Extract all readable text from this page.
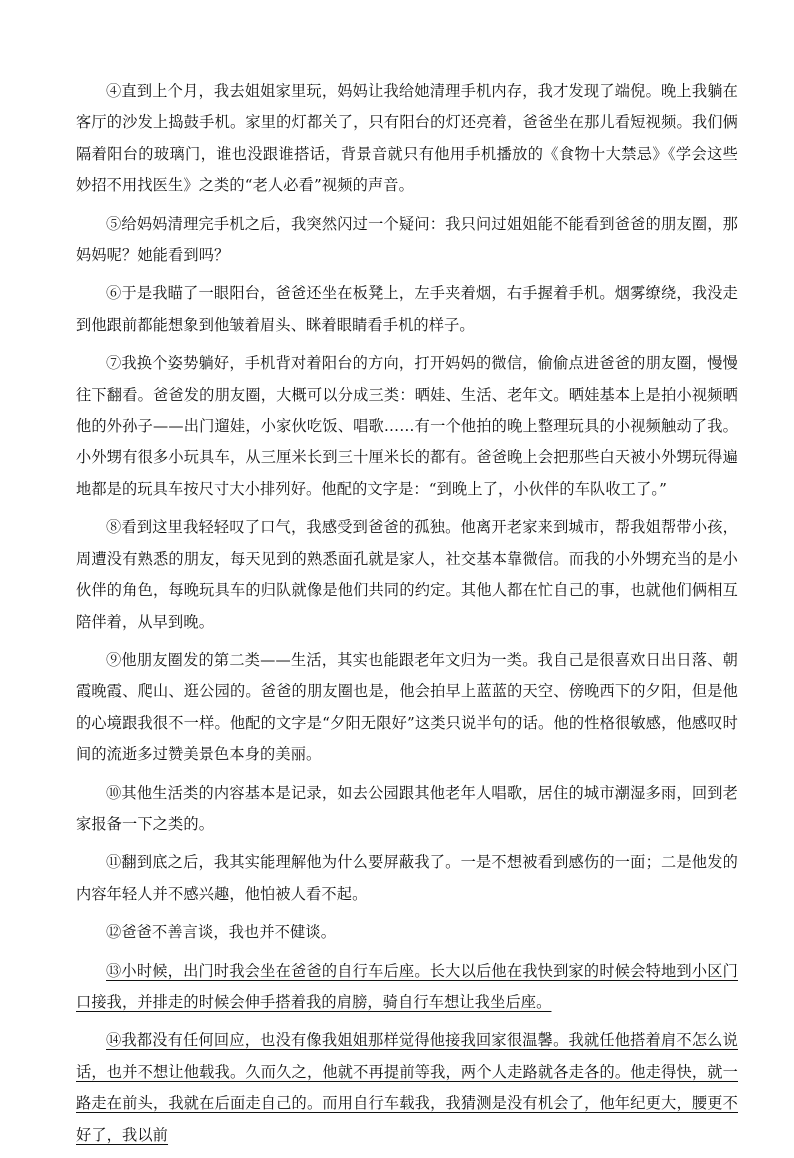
④直到上个月，我去姐姐家里玩，妈妈让我给她清理手机内存，我才发现了端倪。晚上我躺在客厅的沙发上捣鼓手机。家里的灯都关了，只有阳台的灯还亮着，爸爸坐在那儿看短视频。我们俩隔着阳台的玻璃门，谁也没跟谁搭话，背景音就只有他用手机播放的《食物十大禁忌》《学会这些妙招不用找医生》之类的“老人必看”视频的声音。

⑤给妈妈清理完手机之后，我突然闪过一个疑问：我只问过姐姐能不能看到爸爸的朋友圈，那妈妈呢？她能看到吗？

⑥于是我瞄了一眼阳台，爸爸还坐在板凳上，左手夹着烟，右手握着手机。烟雾缭绕，我没走到他跟前都能想象到他皱着眉头、眯着眼睛看手机的样子。

⑦我换个姿势躺好，手机背对着阳台的方向，打开妈妈的微信，偷偷点进爸爸的朋友圈，慢慢往下翻看。爸爸发的朋友圈，大概可以分成三类：晒娃、生活、老年文。晒娃基本上是拍小视频晒他的外孙子——出门遛娃，小家伙吃饭、唱歌……有一个他拍的晚上整理玩具的小视频触动了我。小外甥有很多小玩具车，从三厘米长到三十厘米长的都有。爸爸晚上会把那些白天被小外甥玩得遍地都是的玩具车按尺寸大小排列好。他配的文字是：“到晚上了，小伙伴的车队收工了。”

⑧看到这里我轻轻叹了口气，我感受到爸爸的孤独。他离开老家来到城市，帮我姐帮带小孩，周遭没有熟悉的朋友，每天见到的熟悉面孔就是家人，社交基本靠微信。而我的小外甥充当的是小伙伴的角色，每晚玩具车的归队就像是他们共同的约定。其他人都在忙自己的事，也就他们俩相互陪伴着，从早到晚。

⑨他朋友圈发的第二类——生活，其实也能跟老年文归为一类。我自己是很喜欢日出日落、朝霞晚霞、爬山、逛公园的。爸爸的朋友圈也是，他会拍早上蓝蓝的天空、傍晚西下的夕阳，但是他的心境跟我很不一样。他配的文字是“夕阳无限好”这类只说半句的话。他的性格很敏感，他感叹时间的流逝多过赞美景色本身的美丽。

⑩其他生活类的内容基本是记录，如去公园跟其他老年人唱歌，居住的城市潮湿多雨，回到老家报备一下之类的。

⑪翻到底之后，我其实能理解他为什么要屏蔽我了。一是不想被看到感伤的一面；二是他发的内容年轻人并不感兴趣，他怕被人看不起。

⑫爸爸不善言谈，我也并不健谈。

⑬小时候，出门时我会坐在爸爸的自行车后座。长大以后他在我快到家的时候会特地到小区门口接我，并排走的时候会伸手搭着我的肩膀，骑自行车想让我坐后座。

⑭我都没有任何回应，也没有像我姐姐那样觉得他接我回家很温馨。我就任他搭着肩不怎么说话，也并不想让他载我。久而久之，他就不再提前等我，两个人走路就各走各的。他走得快，就一路走在前头，我就在后面走自己的。而用自行车载我，我猜测是没有机会了，他年纪更大，腰更不好了，我以前
